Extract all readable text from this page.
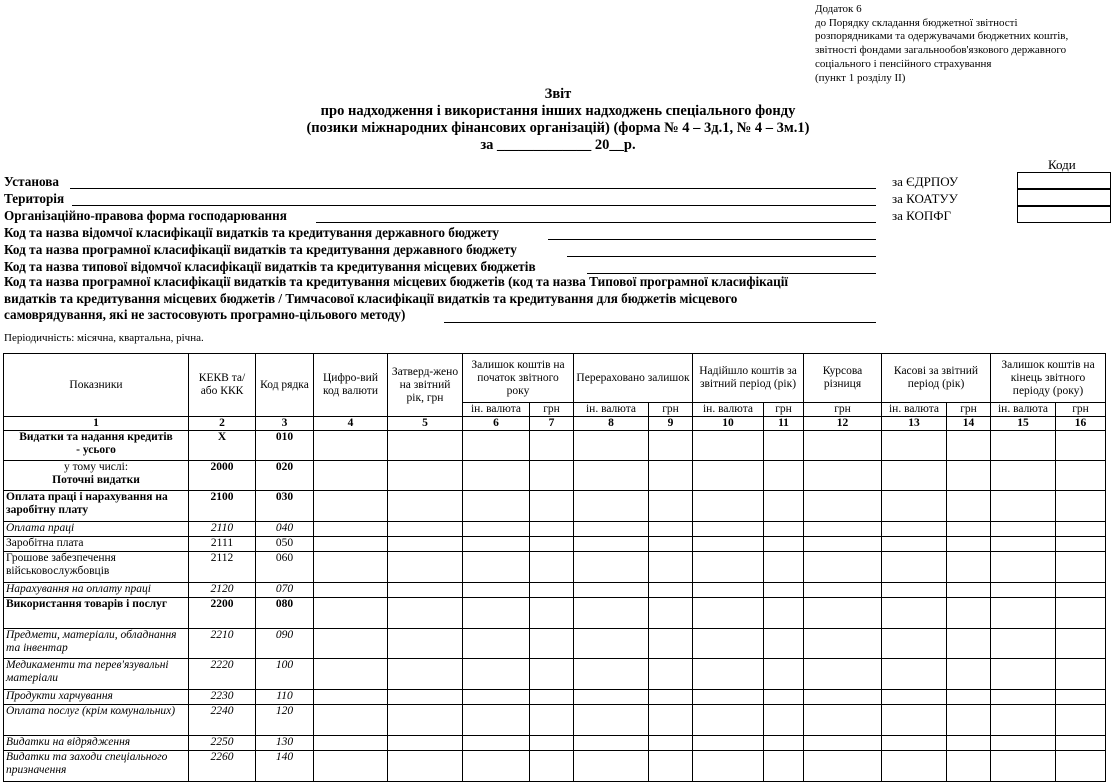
Додаток 6
до Порядку складання бюджетної звітності
розпорядниками та одержувачами бюджетних коштів,
звітності фондами загальнообов'язкового державного
соціального і пенсійного страхування
(пункт 1 розділу II)
Звіт
про надходження і використання інших надходжень спеціального фонду
(позики міжнародних фінансових організацій) (форма № 4 – 3д.1, № 4 – 3м.1)
за _____________ 20__р.
Коди
за ЄДРПОУ
за КОАТУУ
за КОПФГ
Установа
Територія
Організаційно-правова форма господарювання
Код та назва відомчої класифікації видатків та кредитування державного бюджету
Код та назва програмної класифікації видатків та кредитування державного бюджету
Код та назва типової відомчої класифікації видатків та кредитування місцевих бюджетів
Код та назва програмної класифікації видатків та кредитування місцевих бюджетів (код та назва Типової програмної класифікації
видатків та кредитування місцевих бюджетів / Тимчасової класифікації видатків та кредитування для бюджетів місцевого
самоврядування, які не застосовують програмно-цільового методу)
Періодичність: місячна, квартальна, річна.
Показники	КЕКВ та/або ККК	Код рядка	Цифро-вий код валюти	Затверд-жено на звітний рік, грн	Залишок коштів на початок звітного року		Перераховано залишок		Надійшло коштів за звітний період (рік)		Курсова різниця	Касові за звітний період (рік)		Залишок коштів на кінець звітного періоду (року)	
					ін. валюта	грн	ін. валюта	грн	ін. валюта	грн	грн	ін. валюта	грн	ін. валюта	грн
1	2	3	4	5	6	7	8	9	10	11	12	13	14	15	16

Видатки та надання кредитів
- усього	X	010													

у тому числі:
Поточні видатки	2000	020													
Оплата праці і нарахування на заробітну плату	2100	030													
Оплата праці	2110	040													
Заробітна плата	2111	050													
Грошове забезпечення військовослужбовців	2112	060													
Нарахування на оплату праці	2120	070													
Використання товарів і послуг	2200	080													
Предмети, матеріали, обладнання та інвентар	2210	090													
Медикаменти та перев'язувальні матеріали	2220	100													
Продукти харчування	2230	110													
Оплата послуг (крім комунальних)	2240	120													
Видатки на відрядження	2250	130													
Видатки та заходи спеціального призначення	2260	140													
